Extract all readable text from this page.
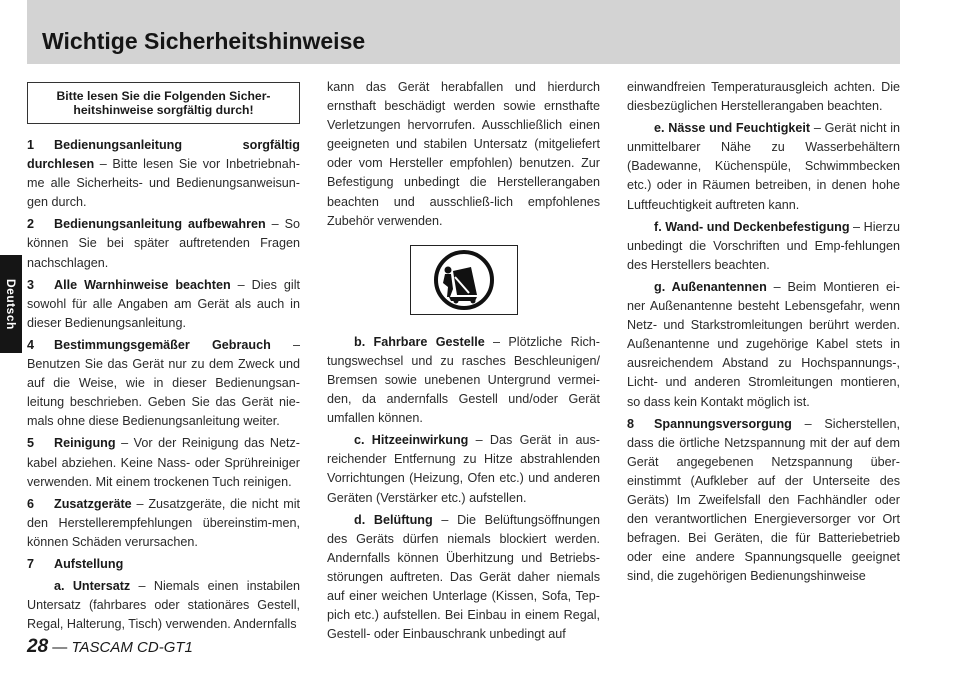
Wichtige Sicherheitshinweise
Deutsch
Bitte lesen Sie die Folgenden Sicher-heitshinweise sorgfältig durch!

1 Bedienungsanleitung sorgfältig durchlesen – Bitte lesen Sie vor Inbetriebnah-me alle Sicherheits- und Bedienungsanweisun-gen durch.

2 Bedienungsanleitung aufbewahren – So können Sie bei später auftretenden Fragen nachschlagen.

3 Alle Warnhinweise beachten – Dies gilt sowohl für alle Angaben am Gerät als auch in dieser Bedienungsanleitung.

4 Bestimmungsgemäßer Gebrauch – Benutzen Sie das Gerät nur zu dem Zweck und auf die Weise, wie in dieser Bedienungsan-leitung beschrieben. Geben Sie das Gerät nie-mals ohne diese Bedienungsanleitung weiter.

5 Reinigung – Vor der Reinigung das Netz-kabel abziehen. Keine Nass- oder Sprühreiniger verwenden. Mit einem trockenen Tuch reinigen.

6 Zusatzgeräte – Zusatzgeräte, die nicht mit den Herstellerempfehlungen übereinstim-men, können Schäden verursachen.

7 Aufstellung

a. Untersatz – Niemals einen instabilen Untersatz (fahrbares oder stationäres Gestell, Regal, Halterung, Tisch) verwenden. Andernfalls

kann das Gerät herabfallen und hierdurch ernsthaft beschädigt werden sowie ernsthafte Verletzungen hervorrufen. Ausschließlich einen geeigneten und stabilen Untersatz (mitgeliefert oder vom Hersteller empfohlen) benutzen. Zur Befestigung unbedingt die Herstellerangaben beachten und ausschließ-lich empfohlenes Zubehör verwenden.

b. Fahrbare Gestelle – Plötzliche Rich-tungswechsel und zu rasches Beschleunigen/ Bremsen sowie unebenen Untergrund vermei-den, da andernfalls Gestell und/oder Gerät umfallen können.

c. Hitzeeinwirkung – Das Gerät in aus-reichender Entfernung zu Hitze abstrahlenden Vorrichtungen (Heizung, Ofen etc.) und anderen Geräten (Verstärker etc.) aufstellen.

d. Belüftung – Die Belüftungsöffnungen des Geräts dürfen niemals blockiert werden. Andernfalls können Überhitzung und Betriebs-störungen auftreten. Das Gerät daher niemals auf einer weichen Unterlage (Kissen, Sofa, Tep-pich etc.) aufstellen. Bei Einbau in einem Regal, Gestell- oder Einbauschrank unbedingt auf

einwandfreien Temperaturausgleich achten. Die diesbezüglichen Herstellerangaben beachten.

e. Nässe und Feuchtigkeit – Gerät nicht in unmittelbarer Nähe zu Wasserbehältern (Badewanne, Küchenspüle, Schwimmbecken etc.) oder in Räumen betreiben, in denen hohe Luftfeuchtigkeit auftreten kann.

f. Wand- und Deckenbefestigung – Hierzu unbedingt die Vorschriften und Emp-fehlungen des Herstellers beachten.

g. Außenantennen – Beim Montieren ei-ner Außenantenne besteht Lebensgefahr, wenn Netz- und Starkstromleitungen berührt werden. Außenantenne und zugehörige Kabel stets in ausreichendem Abstand zu Hochspannungs-, Licht- und anderen Stromleitungen montieren, so dass kein Kontakt möglich ist.

8 Spannungsversorgung – Sicherstellen, dass die örtliche Netzspannung mit der auf dem Gerät angegebenen Netzspannung über-einstimmt (Aufkleber auf der Unterseite des Geräts) Im Zweifelsfall den Fachhändler oder den verantwortlichen Energieversorger vor Ort befragen. Bei Geräten, die für Batteriebetrieb oder eine andere Spannungsquelle geeignet sind, die zugehörigen Bedienungshinweise

28 — TASCAM CD-GT1
